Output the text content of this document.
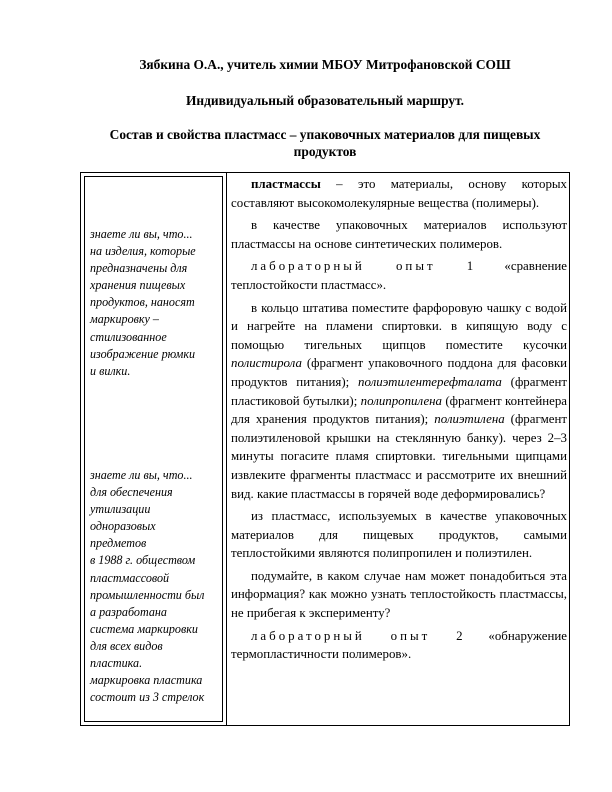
Зябкина О.А., учитель химии МБОУ Митрофановской СОШ
Индивидуальный образовательный маршрут.
Состав и свойства пластмасс – упаковочных материалов для пищевых
продуктов
знаете ли вы, что...
на изделия, которые
предназначены для
хранения пищевых
продуктов, наносят
маркировку –
стилизованное
изображение рюмки
и вилки.
знаете ли вы, что...
для обеспечения
утилизации
одноразовых
предметов
в 1988 г. обществом
пластмассовой
промышленности был
а разработана
система маркировки
для всех видов
пластика.
маркировка пластика
состоит из 3 стрелок

пластмассы – это материалы, основу которых составляют высокомолекулярные вещества (полимеры).

в качестве упаковочных материалов используют пластмассы на основе синтетических полимеров.

лабораторный опыт 1 «сравнение теплостойкости пластмасс».

в кольцо штатива поместите фарфоровую чашку с водой и нагрейте на пламени спиртовки. в кипящую воду с помощью тигельных щипцов поместите кусочки полистирола (фрагмент упаковочного поддона для фасовки продуктов питания); полиэтилентерефталата (фрагмент пластиковой бутылки); полипропилена (фрагмент контейнера для хранения продуктов питания); полиэтилена (фрагмент полиэтиленовой крышки на стеклянную банку). через 2–3 минуты погасите пламя спиртовки. тигельными щипцами извлеките фрагменты пластмасс и рассмотрите их внешний вид. какие пластмассы в горячей воде деформировались?

из пластмасс, используемых в качестве упаковочных материалов для пищевых продуктов, самыми теплостойкими являются полипропилен и полиэтилен.

подумайте, в каком случае нам может понадобиться эта информация? как можно узнать теплостойкость пластмассы, не прибегая к эксперименту?

лабораторный опыт 2 «обнаружение термопластичности полимеров».
